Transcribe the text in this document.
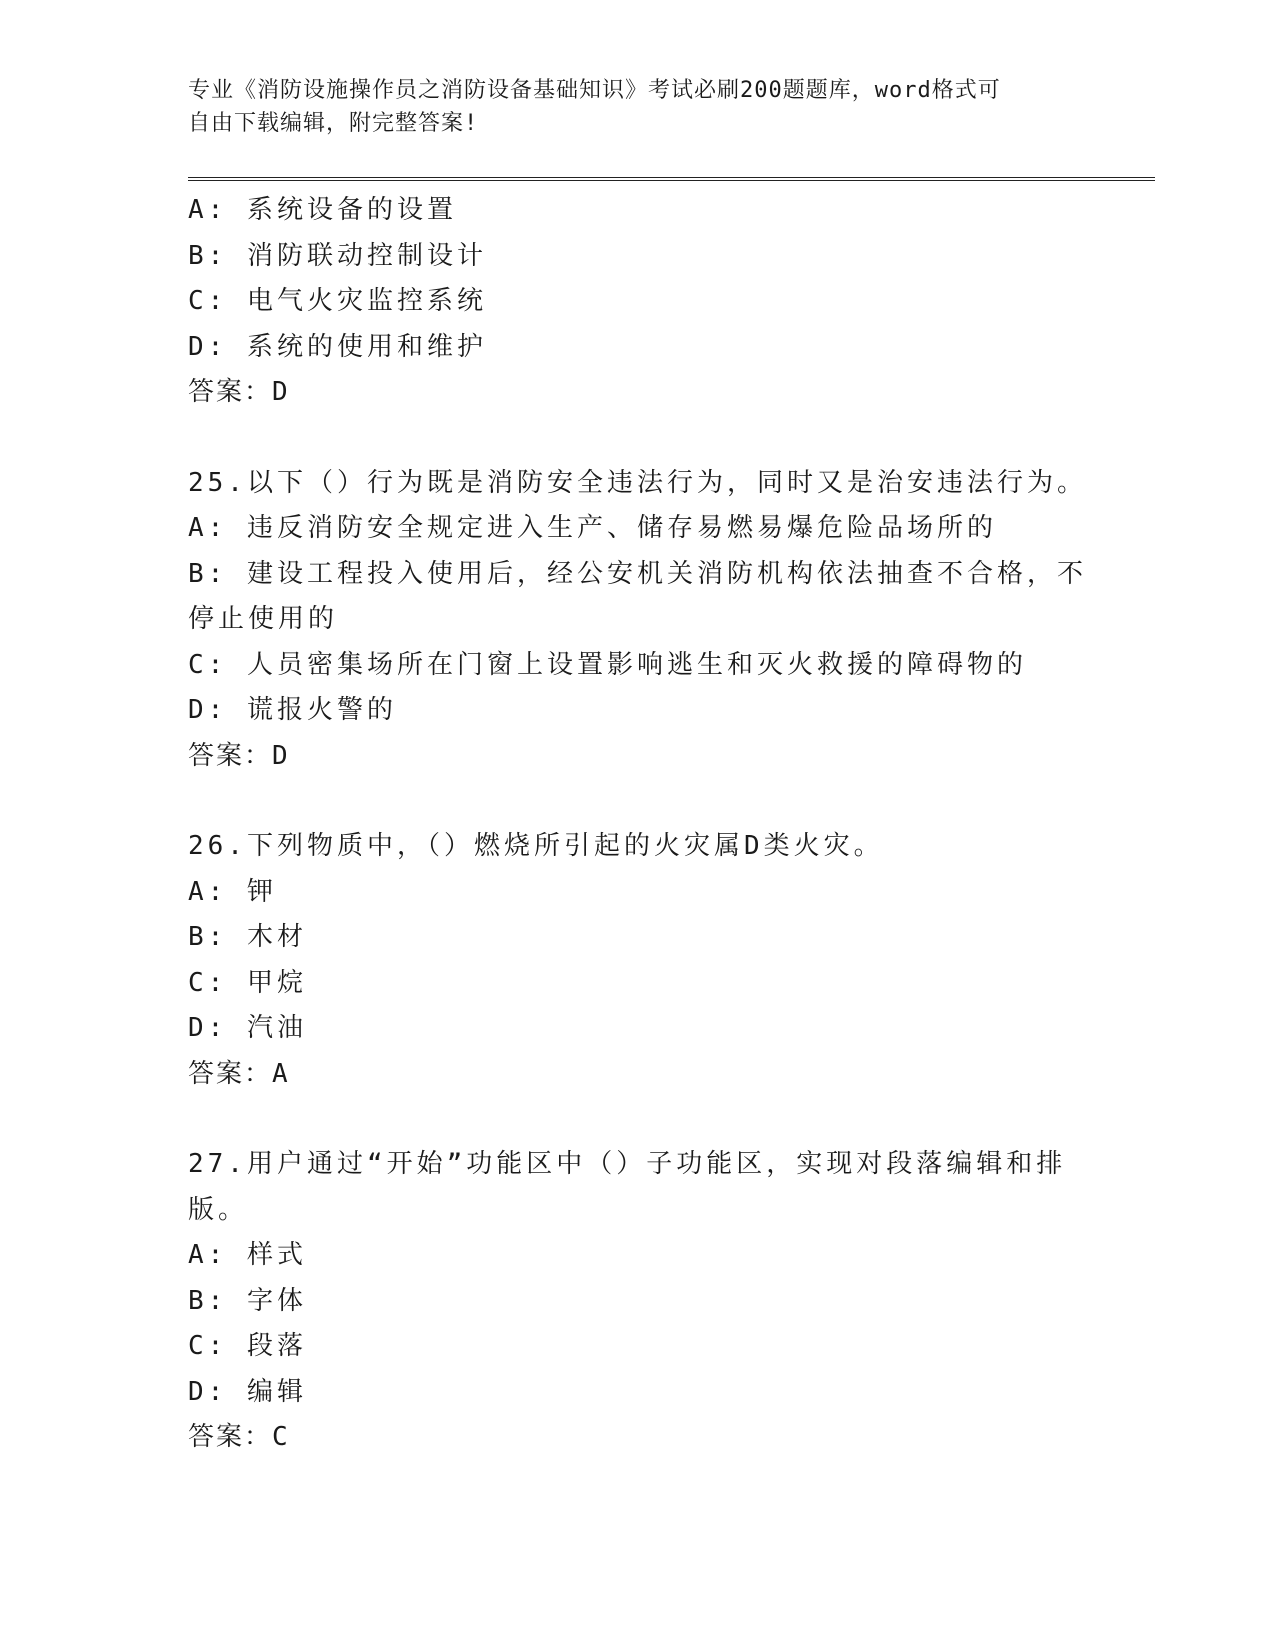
专业《消防设施操作员之消防设备基础知识》考试必刷200题题库，word格式可
自由下载编辑，附完整答案!
A: 系统设备的设置
B: 消防联动控制设计
C: 电气火灾监控系统
D: 系统的使用和维护
答案：D
25.以下（）行为既是消防安全违法行为，同时又是治安违法行为。
A: 违反消防安全规定进入生产、储存易燃易爆危险品场所的
B: 建设工程投入使用后，经公安机关消防机构依法抽查不合格，不停止使用的
C: 人员密集场所在门窗上设置影响逃生和灭火救援的障碍物的
D: 谎报火警的
答案：D
26.下列物质中，（）燃烧所引起的火灾属D类火灾。
A: 钾
B: 木材
C: 甲烷
D: 汽油
答案：A
27.用户通过“开始”功能区中（）子功能区，实现对段落编辑和排版。
A: 样式
B: 字体
C: 段落
D: 编辑
答案：C
